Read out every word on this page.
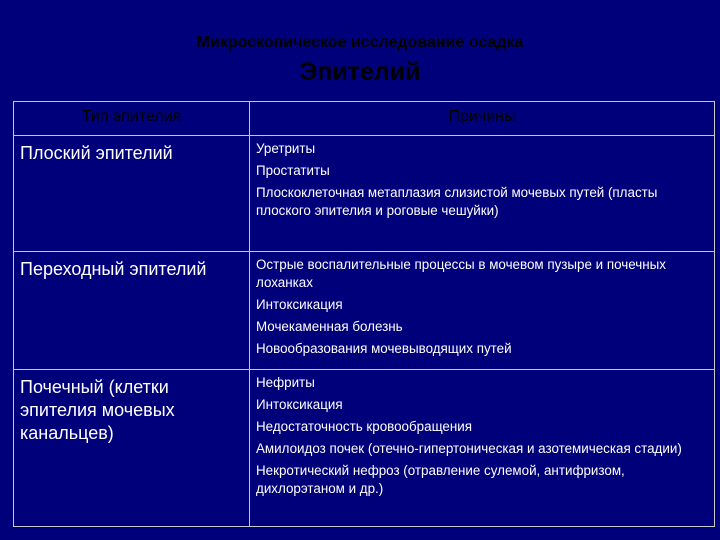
Микроскопическое исследование осадка
Эпителий
Тип эпителия	Причины
Плоский эпителий	Уретриты
Простатиты
Плоскоклеточная метаплазия слизистой мочевых путей (пласты плоского эпителия и роговые чешуйки)

Переходный эпителий	Острые воспалительные процессы в мочевом пузыре и почечных лоханках
Интоксикация
Мочекаменная болезнь
Новообразования мочевыводящих путей

Почечный (клетки эпителия мочевых канальцев)	Нефриты
Интоксикация
Недостаточность кровообращения
Амилоидоз почек (отечно-гипертоническая и азотемическая стадии)
Некротический нефроз (отравление сулемой, антифризом, дихлорэтаном и др.)
